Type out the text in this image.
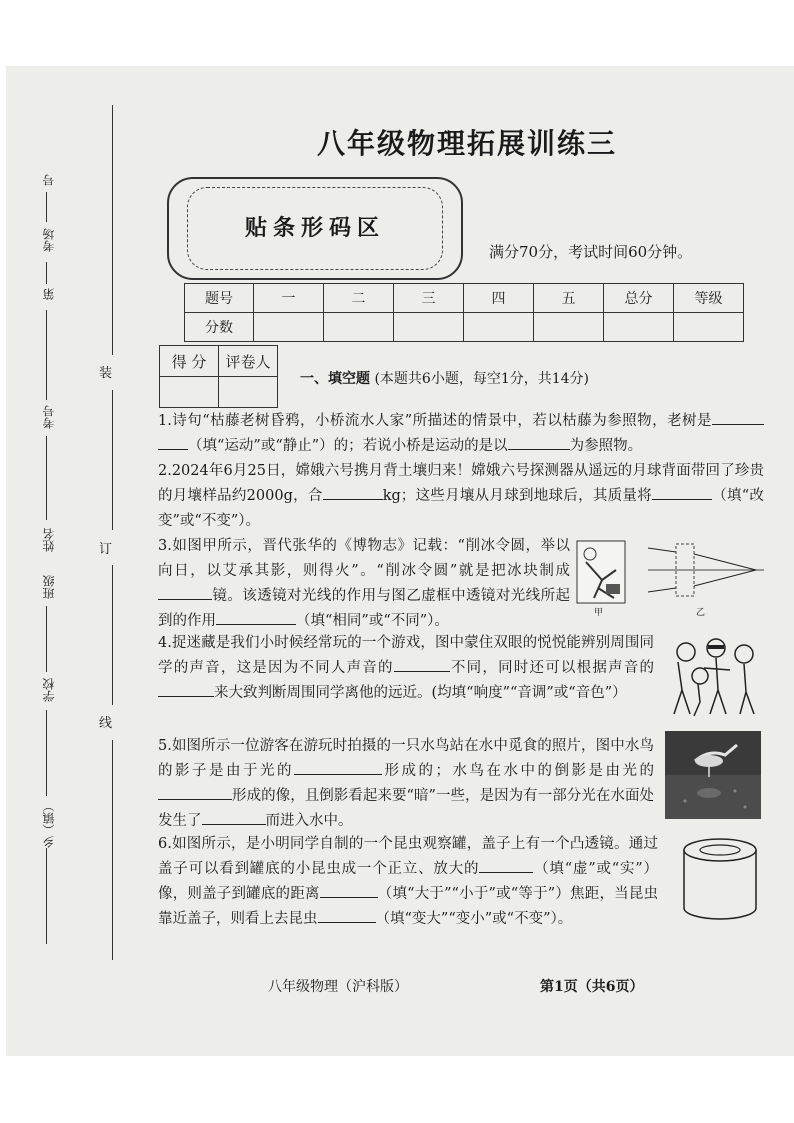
装
订
线
号
考场
第
考号
姓名
班级
学校
乡（镇）
八年级物理拓展训练三
贴条形码区
满分70分，考试时间60分钟。
题号	一	二	三	四	五	总分	等级
分数							
得 分	评卷人

一、填空题 (本题共6小题，每空1分，共14分)
1.诗句“枯藤老树昏鸦，小桥流水人家”所描述的情景中，若以枯藤为参照物，老树是（填“运动”或“静止”）的；若说小桥是运动的是以	为参照物。
2.2024年6月25日，嫦娥六号携月背土壤归来！嫦娥六号探测器从遥远的月球背面带回了珍贵的月壤样品约2000g，合	kg；这些月壤从月球到地球后，其质量将	（填“改变”或“不变”）。
3.如图甲所示，晋代张华的《博物志》记载：“削冰令圆，举以向日，以艾承其影，则得火”。“削冰令圆”就是把冰块制成镜。该透镜对光线的作用与图乙虚框中透镜对光线所起到的作用	（填“相同”或“不同”）。	甲	乙
4.捉迷藏是我们小时候经常玩的一个游戏，图中蒙住双眼的悦悦能辨别周围同学的声音，这是因为不同人声音的	不同，同时还可以根据声音的来大致判断周围同学离他的远近。(均填“响度”“音调”或“音色”）
5.如图所示一位游客在游玩时拍摄的一只水鸟站在水中觅食的照片，图中水鸟的影子是由于光的	形成的；水鸟在水中的倒影是由光的形成的像，且倒影看起来要“暗”一些，是因为有一部分光在水面处发生了	而进入水中。
6.如图所示，是小明同学自制的一个昆虫观察罐，盖子上有一个凸透镜。通过盖子可以看到罐底的小昆虫成一个正立、放大的	（填“虚”或“实”）像，则盖子到罐底的距离	（填“大于”“小于”或“等于”）焦距，当昆虫靠近盖子，则看上去昆虫	（填“变大”“变小”或“不变”）。
八年级物理（沪科版）	第1页（共6页）
